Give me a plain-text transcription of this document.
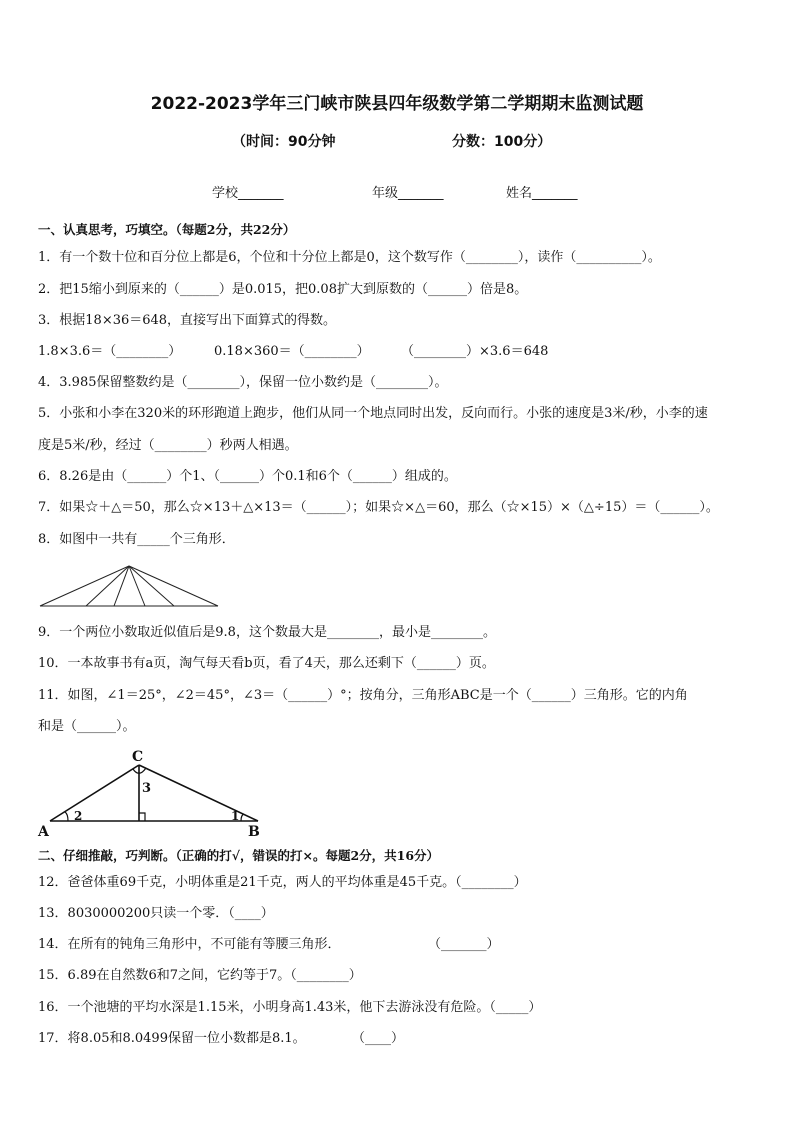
2022-2023学年三门峡市陕县四年级数学第二学期期末监测试题
（时间：90分钟	分数：100分）
学校_______	年级_______	姓名_______
一、认真思考，巧填空。（每题2分，共22分）
1．有一个数十位和百分位上都是6，个位和十分位上都是0，这个数写作（________），读作（__________）。
2．把15缩小到原来的（______）是0.015，把0.08扩大到原数的（______）倍是8。
3．根据18×36＝648，直接写出下面算式的得数。
1.8×3.6＝（________）	0.18×360＝（________） （________）×3.6＝648
4．3.985保留整数约是（________），保留一位小数约是（________）。
5．小张和小李在320米的环形跑道上跑步，他们从同一个地点同时出发，反向而行。小张的速度是3米/秒，小李的速
度是5米/秒，经过（________）秒两人相遇。
6．8.26是由（______）个1、（______）个0.1和6个（______）组成的。
7．如果☆＋△＝50，那么☆×13＋△×13＝（______）；如果☆×△＝60，那么（☆×15）×（△÷15）＝（______）。
8．如图中一共有_____个三角形．
9．一个两位小数取近似值后是9.8，这个数最大是________，最小是________。
10．一本故事书有a页，淘气每天看b页，看了4天，那么还剩下（______）页。
11．如图，∠1＝25°，∠2＝45°，∠3＝（______）°；按角分，三角形ABC是一个（______）三角形。它的内角
和是（______）。
C
A	B
3
2	1
二、仔细推敲，巧判断。（正确的打√，错误的打×。每题2分，共16分）
12．爸爸体重69千克，小明体重是21千克，两人的平均体重是45千克。（________）
13．8030000200只读一个零．（____）
14．在所有的钝角三角形中，不可能有等腰三角形．	（_______）
15．6.89在自然数6和7之间，它约等于7。（________）
16．一个池塘的平均水深是1.15米，小明身高1.43米，他下去游泳没有危险。（_____）
17．将8.05和8.0499保留一位小数都是8.1。	（____）
